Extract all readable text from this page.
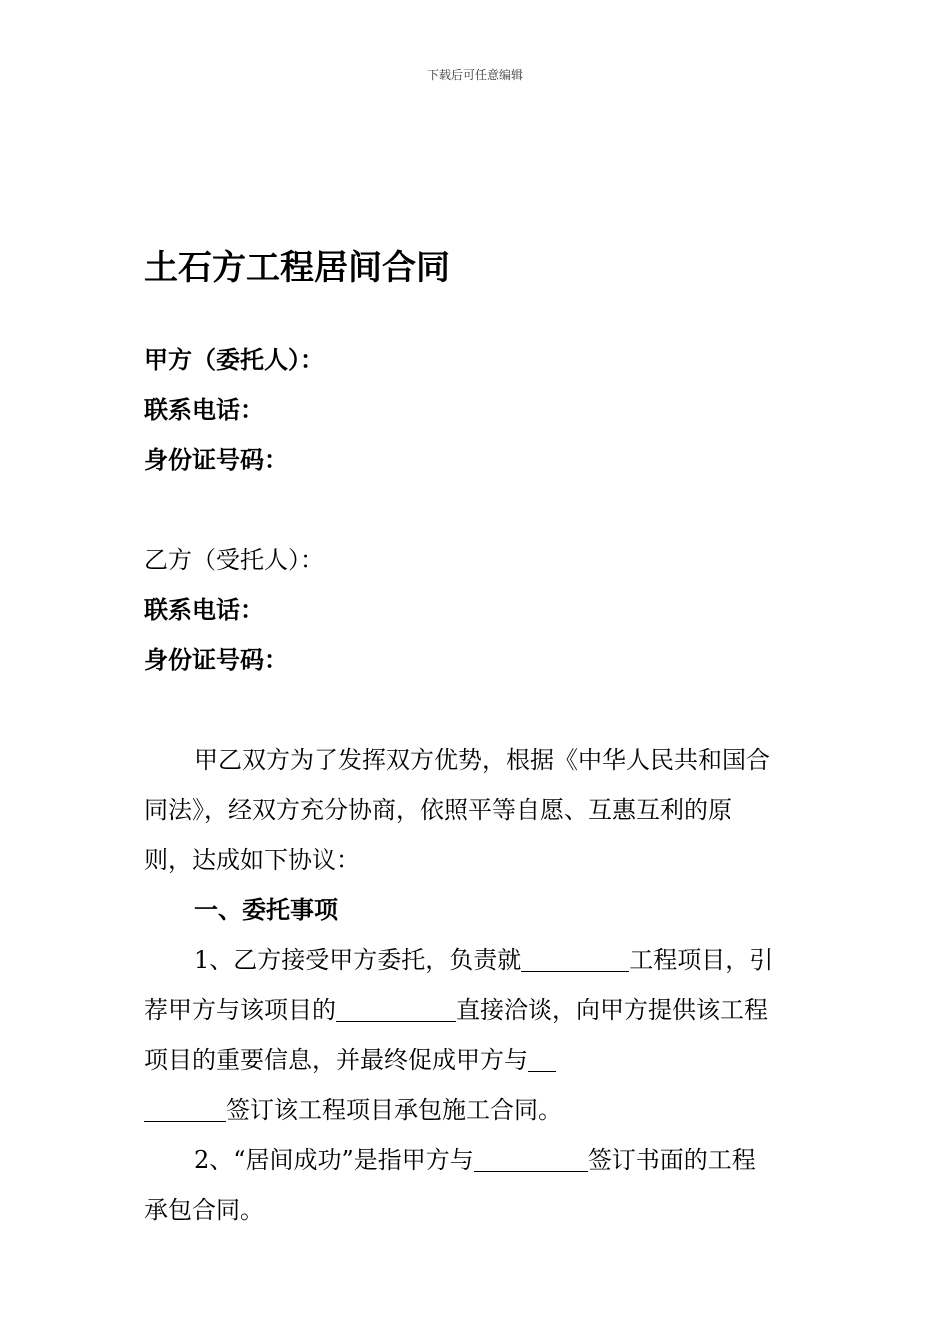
下载后可任意编辑
土石方工程居间合同
甲方（委托人）：
联系电话：
身份证号码：
乙方（受托人）：
联系电话：
身份证号码：
甲乙双方为了发挥双方优势，根据《中华人民共和国合
同法》，经双方充分协商，依照平等自愿、互惠互利的原
则，达成如下协议：
一、委托事项
1、乙方接受甲方委托，负责就	工程项目，引
荐甲方与该项目的	直接洽谈，向甲方提供该工程
项目的重要信息，并最终促成甲方与
签订该工程项目承包施工合同。
2、“居间成功”是指甲方与	签订书面的工程
承包合同。
